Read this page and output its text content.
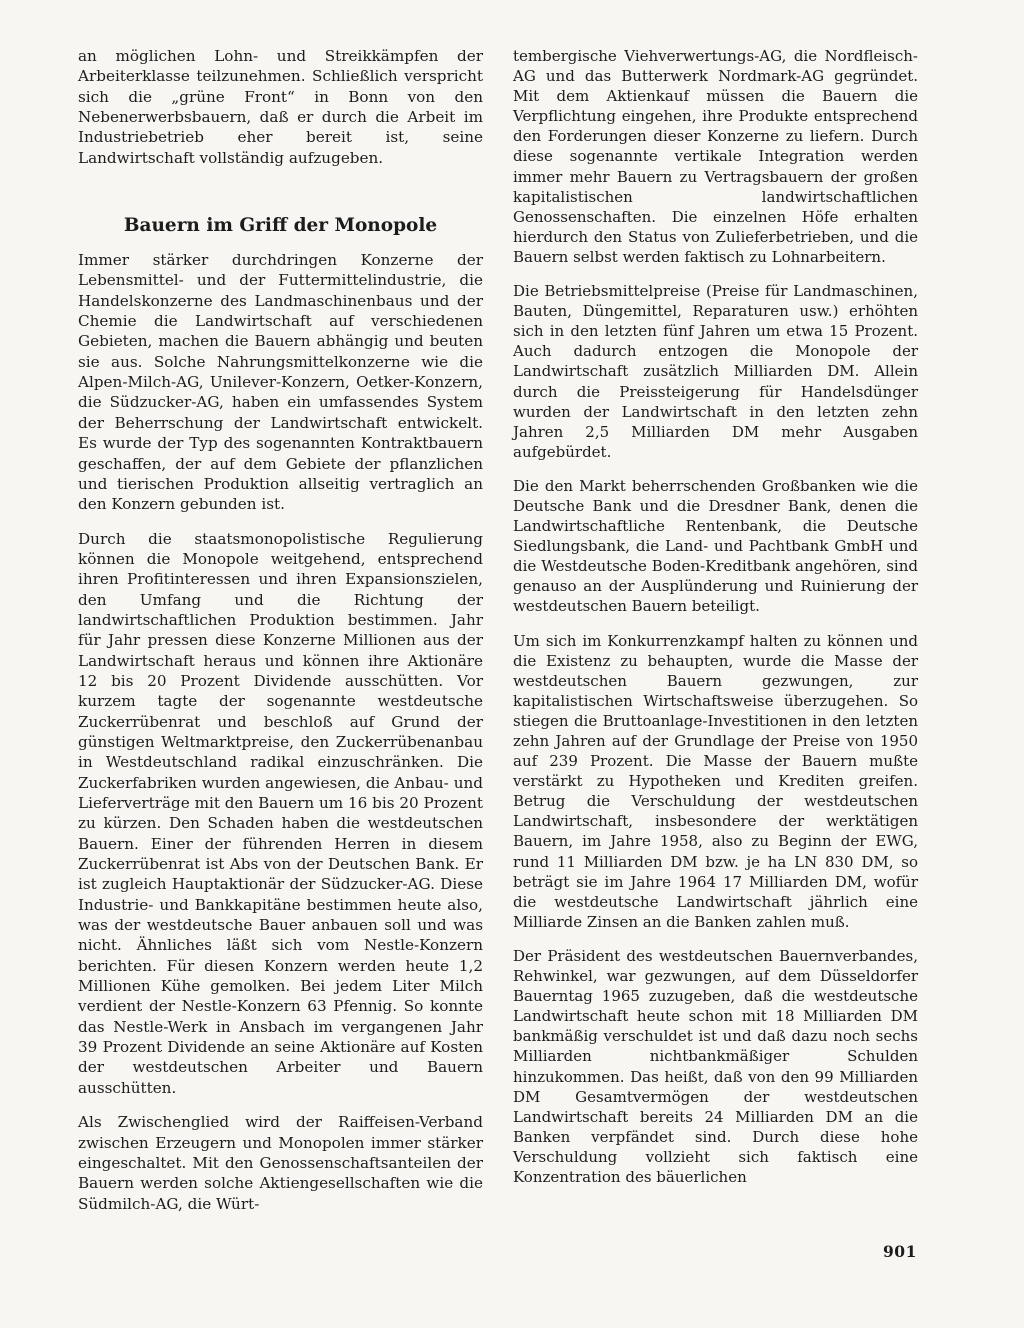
an möglichen Lohn- und Streikkämpfen der Arbeiterklasse teilzunehmen. Schließlich verspricht sich die „grüne Front“ in Bonn von den Nebenerwerbsbauern, daß er durch die Arbeit im Industriebetrieb eher bereit ist, seine Landwirtschaft vollständig aufzugeben.

Bauern im Griff der Monopole

Immer stärker durchdringen Konzerne der Lebensmittel- und der Futtermittelindustrie, die Handelskonzerne des Landmaschinenbaus und der Chemie die Landwirtschaft auf verschiedenen Gebieten, machen die Bauern abhängig und beuten sie aus. Solche Nahrungsmittelkonzerne wie die Alpen-Milch-AG, Unilever-Konzern, Oetker-Konzern, die Südzucker-AG, haben ein umfassendes System der Beherrschung der Landwirtschaft entwickelt. Es wurde der Typ des sogenannten Kontraktbauern geschaffen, der auf dem Gebiete der pflanzlichen und tierischen Produktion allseitig vertraglich an den Konzern gebunden ist.

Durch die staatsmonopolistische Regulierung können die Monopole weitgehend, entsprechend ihren Profitinteressen und ihren Expansionszielen, den Umfang und die Richtung der landwirtschaftlichen Produktion bestimmen. Jahr für Jahr pressen diese Konzerne Millionen aus der Landwirtschaft heraus und können ihre Aktionäre 12 bis 20 Prozent Dividende ausschütten. Vor kurzem tagte der sogenannte westdeutsche Zuckerrübenrat und beschloß auf Grund der günstigen Weltmarktpreise, den Zuckerrübenanbau in Westdeutschland radikal einzuschränken. Die Zuckerfabriken wurden angewiesen, die Anbau- und Lieferverträge mit den Bauern um 16 bis 20 Prozent zu kürzen. Den Schaden haben die westdeutschen Bauern. Einer der führenden Herren in diesem Zuckerrübenrat ist Abs von der Deutschen Bank. Er ist zugleich Hauptaktionär der Südzucker-AG. Diese Industrie- und Bankkapitäne bestimmen heute also, was der westdeutsche Bauer anbauen soll und was nicht. Ähnliches läßt sich vom Nestle-Konzern berichten. Für diesen Konzern werden heute 1,2 Millionen Kühe gemolken. Bei jedem Liter Milch verdient der Nestle-Konzern 63 Pfennig. So konnte das Nestle-Werk in Ansbach im vergangenen Jahr 39 Prozent Dividende an seine Aktionäre auf Kosten der westdeutschen Arbeiter und Bauern ausschütten.

Als Zwischenglied wird der Raiffeisen-Verband zwischen Erzeugern und Monopolen immer stärker eingeschaltet. Mit den Genossenschaftsanteilen der Bauern werden solche Aktiengesellschaften wie die Südmilch-AG, die Würt-

tembergische Viehverwertungs-AG, die Nordfleisch-AG und das Butterwerk Nordmark-AG gegründet. Mit dem Aktienkauf müssen die Bauern die Verpflichtung eingehen, ihre Produkte entsprechend den Forderungen dieser Konzerne zu liefern. Durch diese sogenannte vertikale Integration werden immer mehr Bauern zu Vertragsbauern der großen kapitalistischen landwirtschaftlichen Genossenschaften. Die einzelnen Höfe erhalten hierdurch den Status von Zulieferbetrieben, und die Bauern selbst werden faktisch zu Lohnarbeitern.

Die Betriebsmittelpreise (Preise für Landmaschinen, Bauten, Düngemittel, Reparaturen usw.) erhöhten sich in den letzten fünf Jahren um etwa 15 Prozent. Auch dadurch entzogen die Monopole der Landwirtschaft zusätzlich Milliarden DM. Allein durch die Preissteigerung für Handelsdünger wurden der Landwirtschaft in den letzten zehn Jahren 2,5 Milliarden DM mehr Ausgaben aufgebürdet.

Die den Markt beherrschenden Großbanken wie die Deutsche Bank und die Dresdner Bank, denen die Landwirtschaftliche Rentenbank, die Deutsche Siedlungsbank, die Land- und Pachtbank GmbH und die Westdeutsche Boden-Kreditbank angehören, sind genauso an der Ausplünderung und Ruinierung der westdeutschen Bauern beteiligt.

Um sich im Konkurrenzkampf halten zu können und die Existenz zu behaupten, wurde die Masse der westdeutschen Bauern gezwungen, zur kapitalistischen Wirtschaftsweise überzugehen. So stiegen die Bruttoanlage-Investitionen in den letzten zehn Jahren auf der Grundlage der Preise von 1950 auf 239 Prozent. Die Masse der Bauern mußte verstärkt zu Hypotheken und Krediten greifen. Betrug die Verschuldung der westdeutschen Landwirtschaft, insbesondere der werktätigen Bauern, im Jahre 1958, also zu Beginn der EWG, rund 11 Milliarden DM bzw. je ha LN 830 DM, so beträgt sie im Jahre 1964 17 Milliarden DM, wofür die westdeutsche Landwirtschaft jährlich eine Milliarde Zinsen an die Banken zahlen muß.

Der Präsident des westdeutschen Bauernverbandes, Rehwinkel, war gezwungen, auf dem Düsseldorfer Bauerntag 1965 zuzugeben, daß die westdeutsche Landwirtschaft heute schon mit 18 Milliarden DM bankmäßig verschuldet ist und daß dazu noch sechs Milliarden nichtbankmäßiger Schulden hinzukommen. Das heißt, daß von den 99 Milliarden DM Gesamtvermögen der westdeutschen Landwirtschaft bereits 24 Milliarden DM an die Banken verpfändet sind. Durch diese hohe Verschuldung vollzieht sich faktisch eine Konzentration des bäuerlichen

901
